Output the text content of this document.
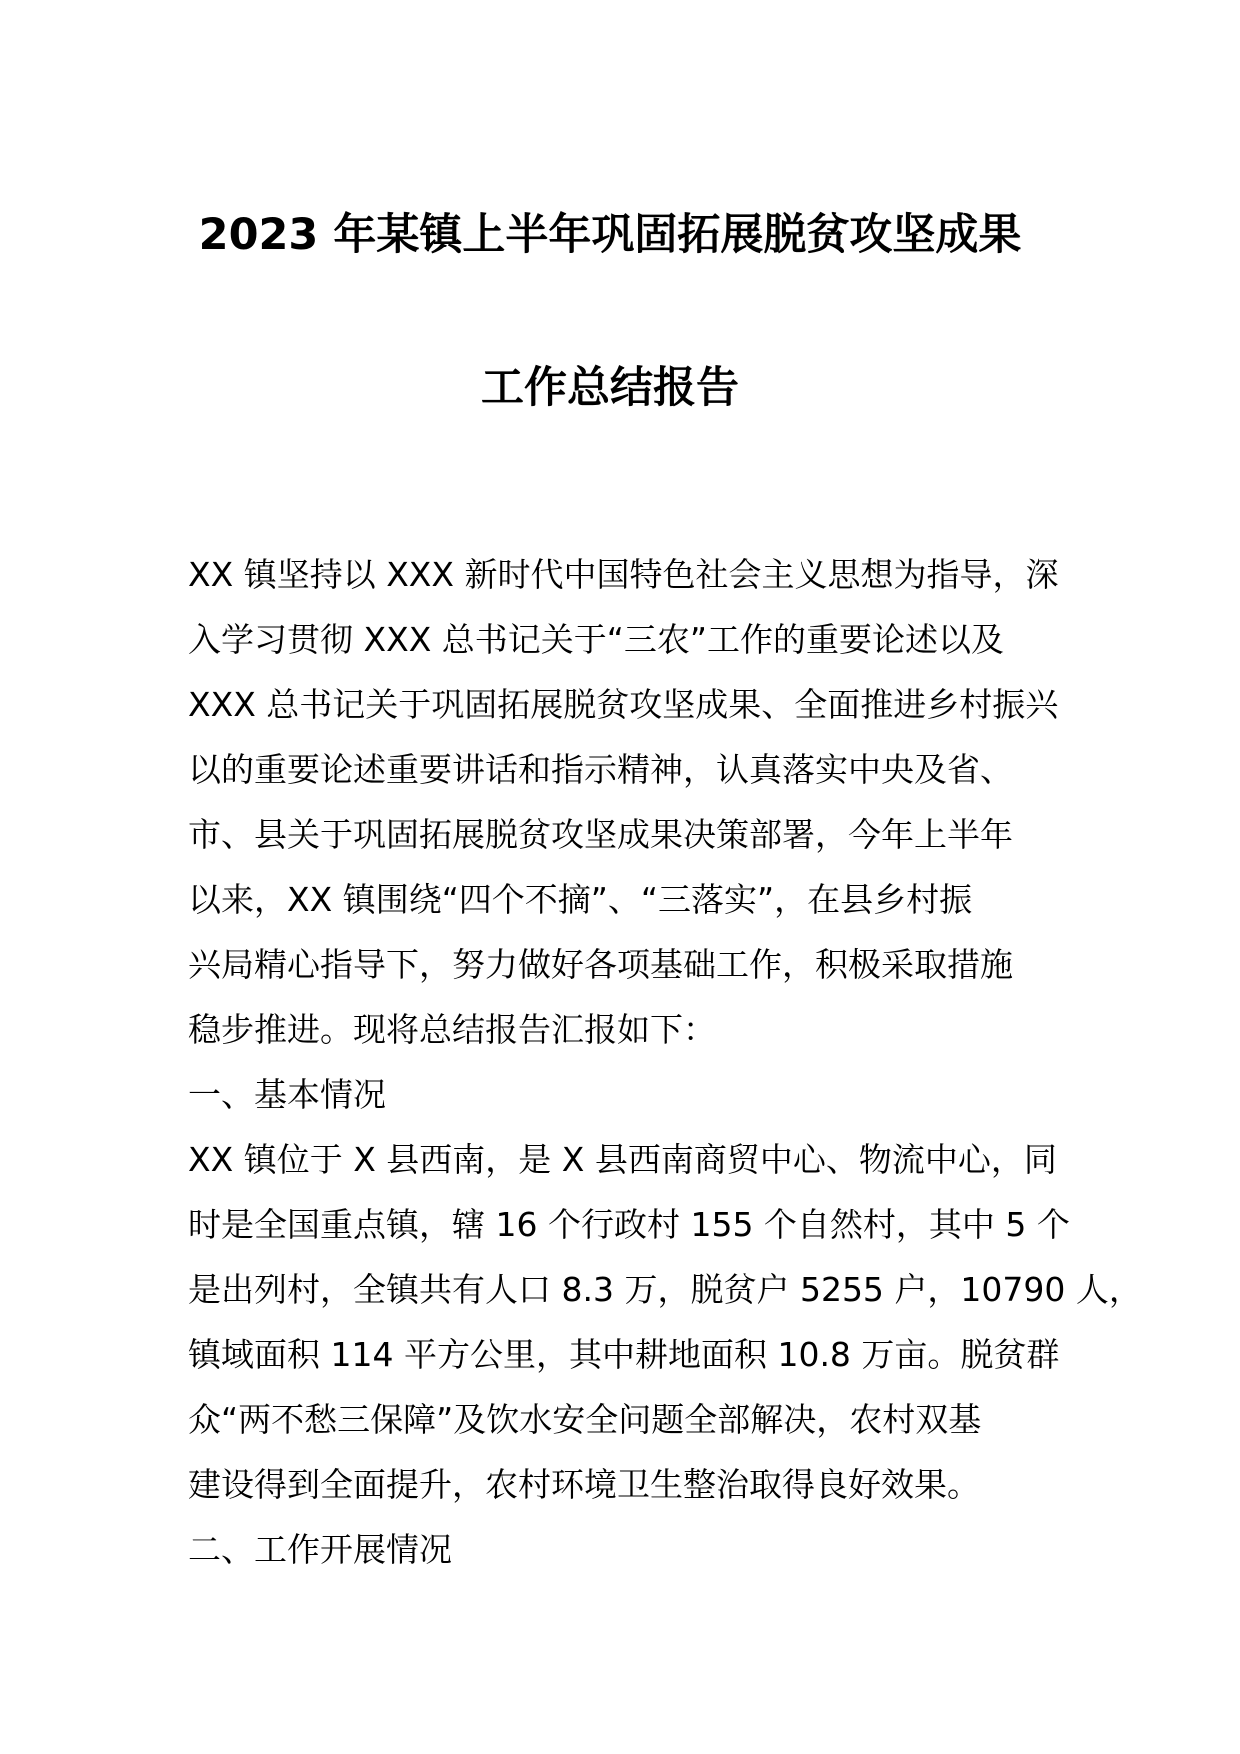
2023 年某镇上半年巩固拓展脱贫攻坚成果
工作总结报告
XX 镇坚持以 XXX 新时代中国特色社会主义思想为指导，深
入学习贯彻 XXX 总书记关于“三农”工作的重要论述以及
XXX 总书记关于巩固拓展脱贫攻坚成果、全面推进乡村振兴
以的重要论述重要讲话和指示精神，认真落实中央及省、
市、县关于巩固拓展脱贫攻坚成果决策部署，今年上半年
以来，XX 镇围绕“四个不摘”、“三落实”，在县乡村振
兴局精心指导下，努力做好各项基础工作，积极采取措施
稳步推进。现将总结报告汇报如下：
一、基本情况
XX 镇位于 X 县西南，是 X 县西南商贸中心、物流中心，同
时是全国重点镇，辖 16 个行政村 155 个自然村，其中 5 个
是出列村，全镇共有人口 8.3 万，脱贫户 5255 户，10790 人，
镇域面积 114 平方公里，其中耕地面积 10.8 万亩。脱贫群
众“两不愁三保障”及饮水安全问题全部解决，农村双基
建设得到全面提升，农村环境卫生整治取得良好效果。
二、工作开展情况
